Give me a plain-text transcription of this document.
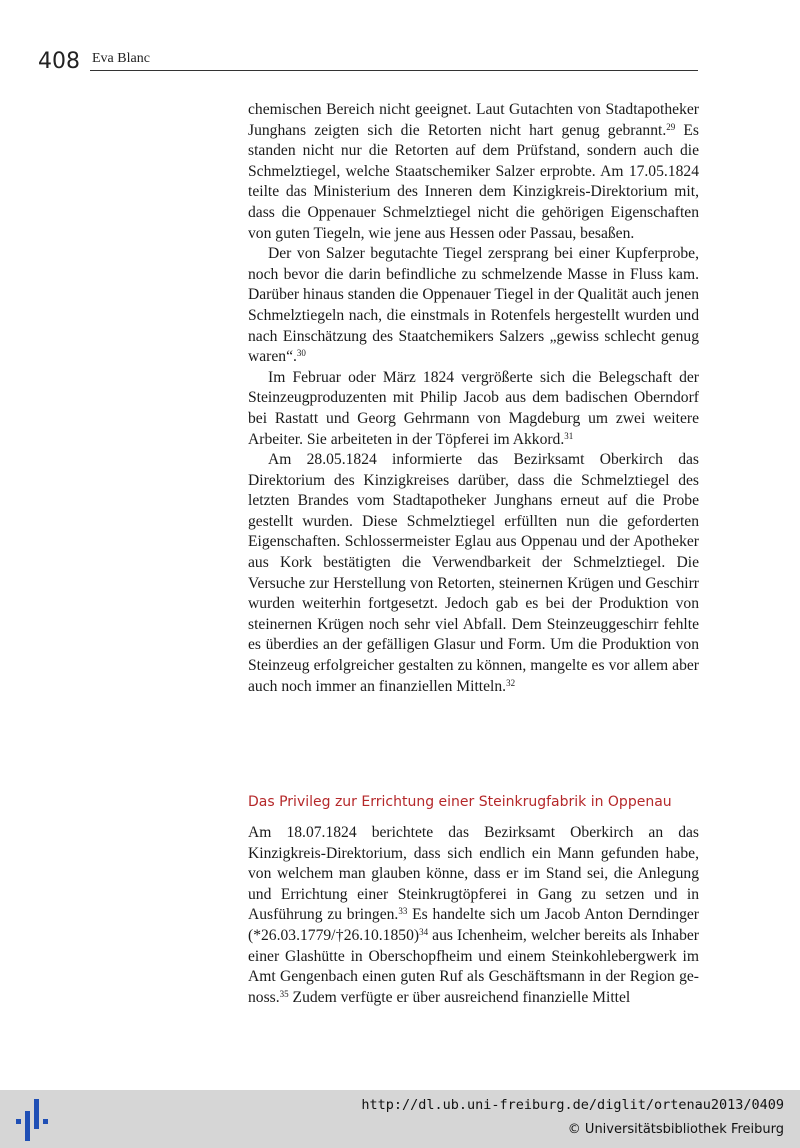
408 Eva Blanc

chemischen Bereich nicht geeignet. Laut Gutachten von Stadtapotheker Junghans zeigten sich die Retorten nicht hart genug gebrannt.$^{29}$ Es standen nicht nur die Retorten auf dem Prüfstand, sondern auch die Schmelztiegel, welche Staatschemiker Salzer erprobte. Am 17.05.1824 teilte das Ministerium des Inneren dem Kinzigkreis-Direktorium mit, dass die Oppenauer Schmelztiegel nicht die gehörigen Eigenschaften von guten Tiegeln, wie jene aus Hessen oder Passau, besaßen.

Der von Salzer begutachte Tiegel zersprang bei einer Kupferprobe, noch bevor die darin befindliche zu schmelzende Masse in Fluss kam. Darüber hinaus standen die Oppenauer Tiegel in der Qualität auch jenen Schmelztiegeln nach, die einstmals in Rotenfels hergestellt wurden und nach Einschätzung des Staatchemikers Salzers „gewiss schlecht genug waren“.$^{30}$

Im Februar oder März 1824 vergrößerte sich die Belegschaft der Steinzeugproduzenten mit Philip Jacob aus dem badischen Oberndorf bei Rastatt und Georg Gehrmann von Magdeburg um zwei weitere Arbeiter. Sie arbeiteten in der Töpferei im Akkord.$^{31}$

Am 28.05.1824 informierte das Bezirksamt Oberkirch das Direktorium des Kinzigkreises darüber, dass die Schmelztiegel des letzten Brandes vom Stadtapotheker Junghans erneut auf die Probe gestellt wurden. Diese Schmelztiegel erfüllten nun die geforderten Eigenschaften. Schlossermeister Eglau aus Oppenau und der Apotheker aus Kork bestätigten die Verwendbarkeit der Schmelztiegel. Die Versuche zur Herstellung von Retorten, steinernen Krügen und Geschirr wurden weiterhin fortgesetzt. Jedoch gab es bei der Produktion von steinernen Krügen noch sehr viel Abfall. Dem Steinzeuggeschirr fehlte es überdies an der gefälligen Glasur und Form. Um die Produktion von Steinzeug erfolgreicher gestalten zu können, mangelte es vor allem aber auch noch immer an finanziellen Mitteln.$^{32}$

Das Privileg zur Errichtung einer Steinkrugfabrik in Oppenau

Am 18.07.1824 berichtete das Bezirksamt Oberkirch an das Kinzigkreis-Direktorium, dass sich endlich ein Mann gefunden habe, von welchem man glauben könne, dass er im Stand sei, die Anlegung und Errichtung einer Steinkrugtöpferei in Gang zu setzen und in Ausführung zu bringen.$^{33}$ Es handelte sich um Jacob Anton Derndinger (*26.03.1779/†26.10.1850)$^{34}$ aus Ichenheim, welcher bereits als Inhaber einer Glashütte in Oberschopfheim und einem Steinkohlebergwerk im Amt Gengenbach einen guten Ruf als Geschäftsmann in der Region genoss.$^{35}$ Zudem verfügte er über ausreichend finanzielle Mittel

http://dl.ub.uni-freiburg.de/diglit/ortenau2013/0409
© Universitätsbibliothek Freiburg
